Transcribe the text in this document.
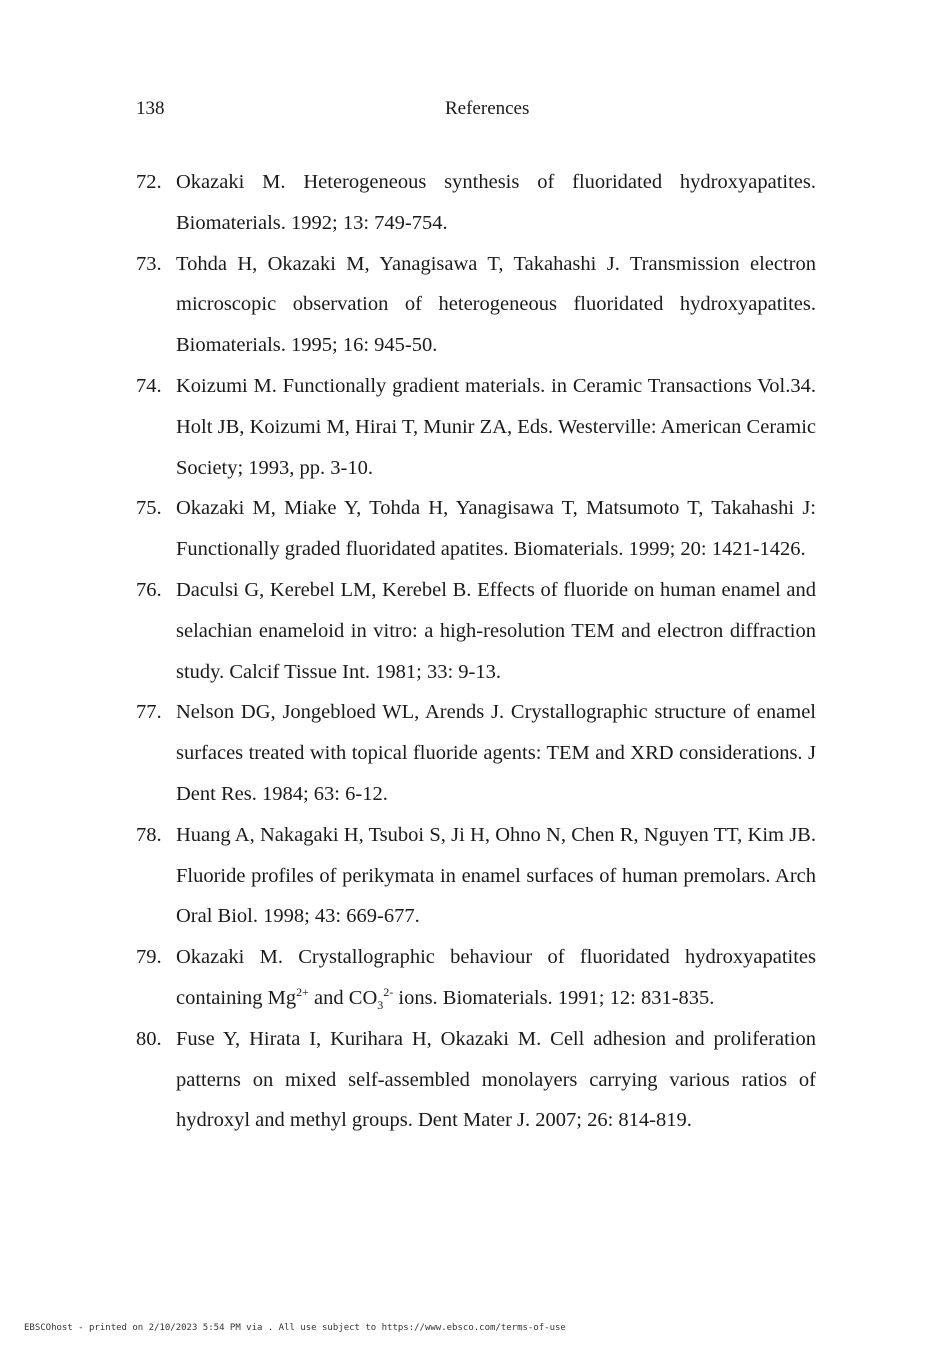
138	References
72. Okazaki M. Heterogeneous synthesis of fluoridated hydroxyapatites. Biomaterials. 1992; 13: 749-754.
73. Tohda H, Okazaki M, Yanagisawa T, Takahashi J. Transmission electron microscopic observation of heterogeneous fluoridated hydroxyapatites. Biomaterials. 1995; 16: 945-50.
74. Koizumi M. Functionally gradient materials. in Ceramic Transactions Vol.34. Holt JB, Koizumi M, Hirai T, Munir ZA, Eds. Westerville: American Ceramic Society; 1993, pp. 3-10.
75. Okazaki M, Miake Y, Tohda H, Yanagisawa T, Matsumoto T, Takahashi J: Functionally graded fluoridated apatites. Biomaterials. 1999; 20: 1421-1426.
76. Daculsi G, Kerebel LM, Kerebel B. Effects of fluoride on human enamel and selachian enameloid in vitro: a high-resolution TEM and electron diffraction study. Calcif Tissue Int. 1981; 33: 9-13.
77. Nelson DG, Jongebloed WL, Arends J. Crystallographic structure of enamel surfaces treated with topical fluoride agents: TEM and XRD considerations. J Dent Res. 1984; 63: 6-12.
78. Huang A, Nakagaki H, Tsuboi S, Ji H, Ohno N, Chen R, Nguyen TT, Kim JB. Fluoride profiles of perikymata in enamel surfaces of human premolars. Arch Oral Biol. 1998; 43: 669-677.
79. Okazaki M. Crystallographic behaviour of fluoridated hydroxyapatites containing $Mg^{2+}$ and $CO_3^{2-}$ ions. Biomaterials. 1991; 12: 831-835.
80. Fuse Y, Hirata I, Kurihara H, Okazaki M. Cell adhesion and proliferation patterns on mixed self-assembled monolayers carrying various ratios of hydroxyl and methyl groups. Dent Mater J. 2007; 26: 814-819.
EBSCOhost - printed on 2/10/2023 5:54 PM via . All use subject to https://www.ebsco.com/terms-of-use
